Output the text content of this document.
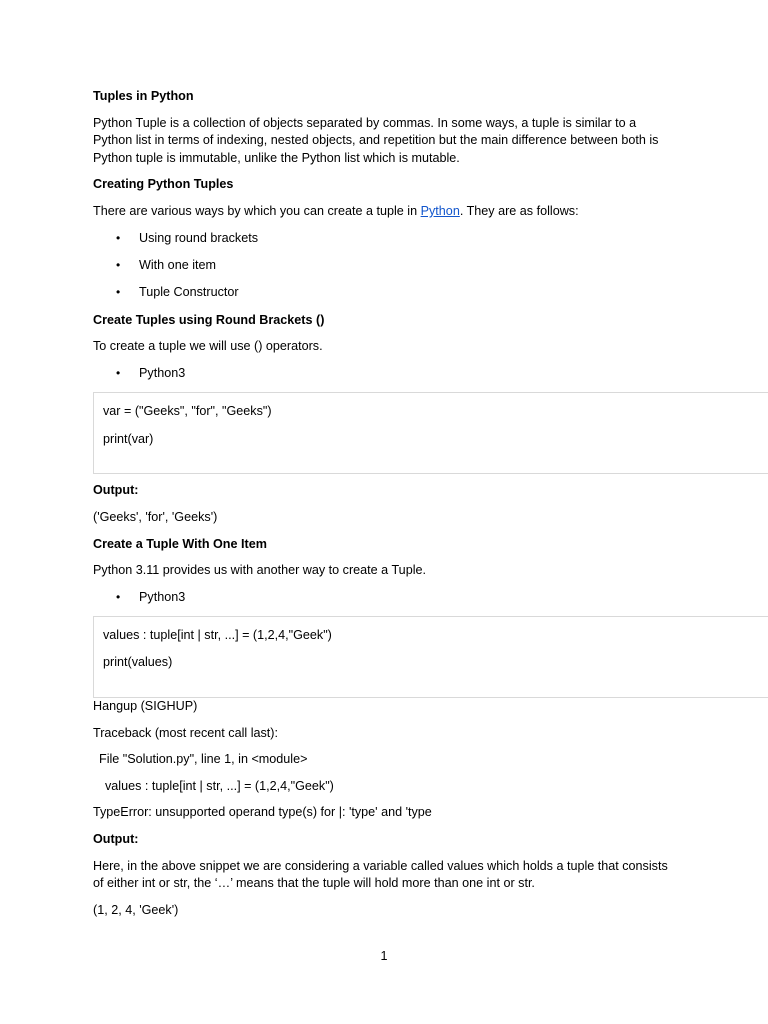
Tuples in Python

Python Tuple is a collection of objects separated by commas. In some ways, a tuple is similar to a Python list in terms of indexing, nested objects, and repetition but the main difference between both is Python tuple is immutable, unlike the Python list which is mutable.

Creating Python Tuples

There are various ways by which you can create a tuple in Python. They are as follows:

• Using round brackets
• With one item
• Tuple Constructor

Create Tuples using Round Brackets ()

To create a tuple we will use () operators.

• Python3

var = ("Geeks", "for", "Geeks")

print(var)

Output:

('Geeks', 'for', 'Geeks')

Create a Tuple With One Item

Python 3.11 provides us with another way to create a Tuple.

• Python3

values : tuple[int | str, ...] = (1,2,4,"Geek")

print(values)

Hangup (SIGHUP)

Traceback (most recent call last):

File "Solution.py", line 1, in <module>

values : tuple[int | str, ...] = (1,2,4,"Geek")

TypeError: unsupported operand type(s) for |: 'type' and 'type

Output:

Here, in the above snippet we are considering a variable called values which holds a tuple that consists of either int or str, the ‘…’ means that the tuple will hold more than one int or str.

(1, 2, 4, 'Geek')

1
